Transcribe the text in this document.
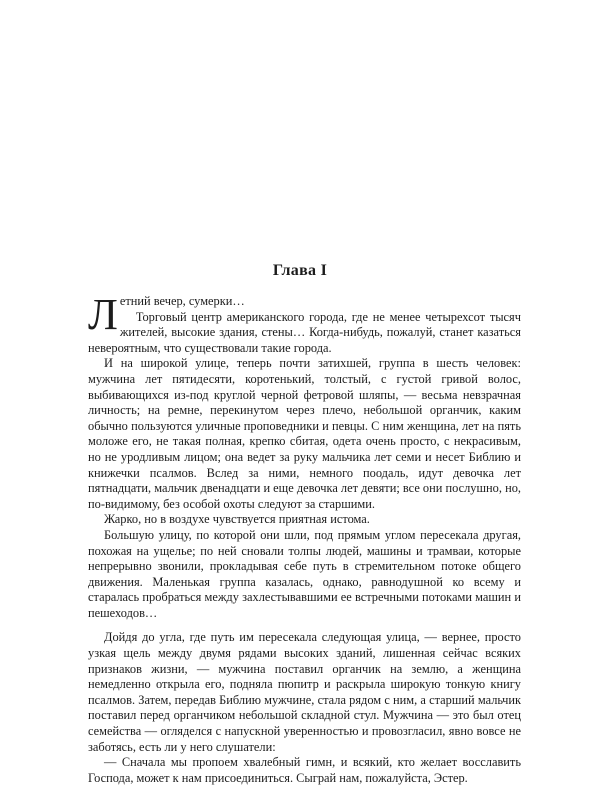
Глава I

Летний вечер, сумерки…

Торговый центр американского города, где не менее четырехсот тысяч жителей, высокие здания, стены… Когда-нибудь, пожалуй, станет казаться невероятным, что существовали такие города.

И на широкой улице, теперь почти затихшей, группа в шесть человек: мужчина лет пятидесяти, коротенький, толстый, с густой гривой волос, выбивающихся из-под круглой черной фетровой шляпы, — весьма невзрачная личность; на ремне, перекинутом через плечо, небольшой органчик, каким обычно пользуются уличные проповедники и певцы. С ним женщина, лет на пять моложе его, не такая полная, крепко сбитая, одета очень просто, с некрасивым, но не уродливым лицом; она ведет за руку мальчика лет семи и несет Библию и книжечки псалмов. Вслед за ними, немного поодаль, идут девочка лет пятнадцати, мальчик двенадцати и еще девочка лет девяти; все они послушно, но, по-видимому, без особой охоты следуют за старшими.

Жарко, но в воздухе чувствуется приятная истома.

Большую улицу, по которой они шли, под прямым углом пересекала другая, похожая на ущелье; по ней сновали толпы людей, машины и трамваи, которые непрерывно звонили, прокладывая себе путь в стремительном потоке общего движения. Маленькая группа казалась, однако, равнодушной ко всему и старалась пробраться между захлестывавшими ее встречными потоками машин и пешеходов…

Дойдя до угла, где путь им пересекала следующая улица, — вернее, просто узкая щель между двумя рядами высоких зданий, лишенная сейчас всяких признаков жизни, — мужчина поставил органчик на землю, а женщина немедленно открыла его, подняла пюпитр и раскрыла широкую тонкую книгу псалмов. Затем, передав Библию мужчине, стала рядом с ним, а старший мальчик поставил перед органчиком небольшой складной стул. Мужчина — это был отец семейства — огляделся с напускной уверенностью и провозгласил, явно вовсе не заботясь, есть ли у него слушатели:

— Сначала мы пропоем хвалебный гимн, и всякий, кто желает восславить Господа, может к нам присоединиться. Сыграй нам, пожалуйста, Эстер.
